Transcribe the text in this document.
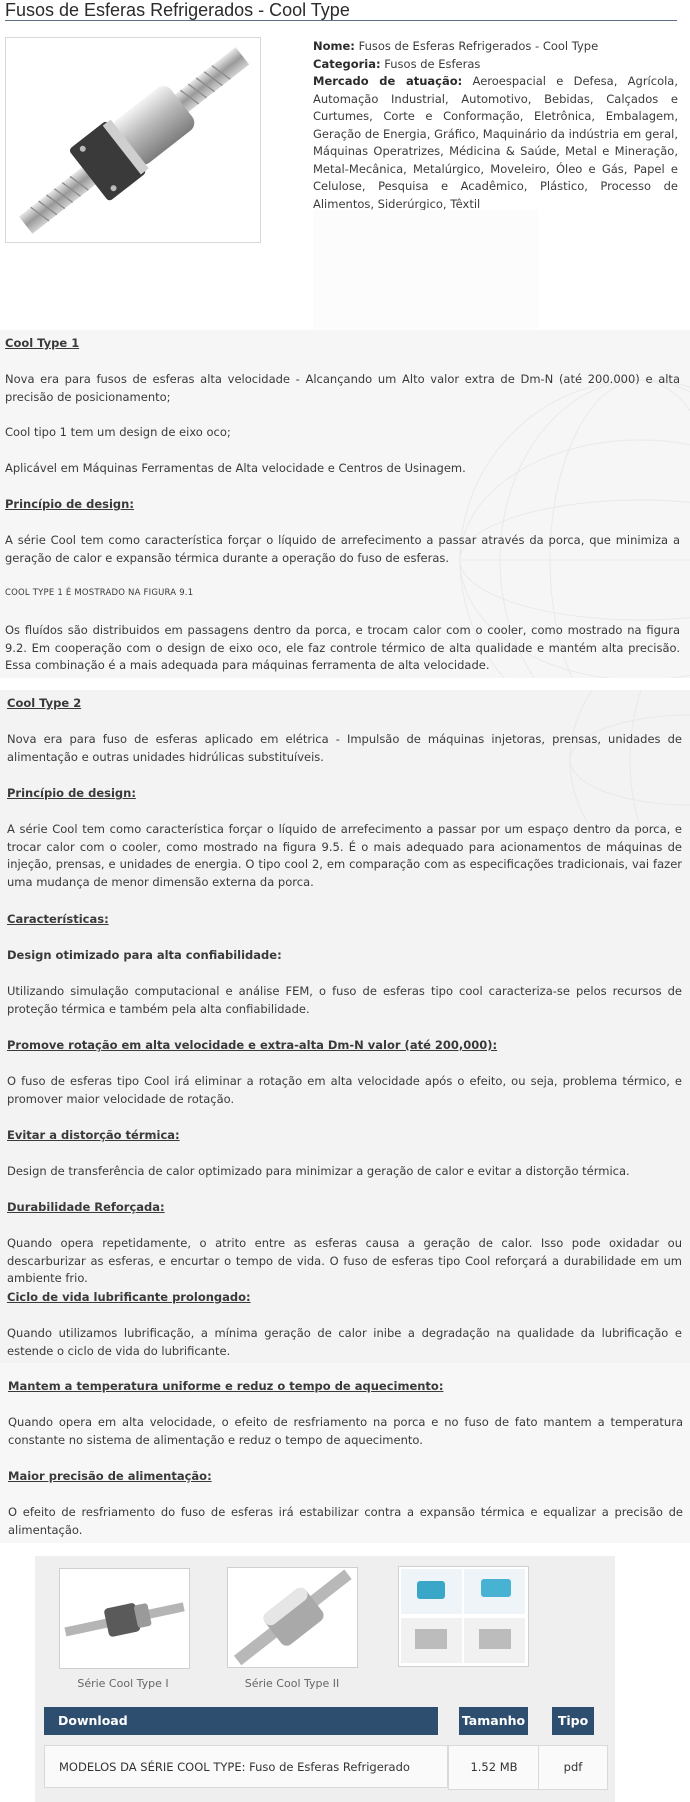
Fusos de Esferas Refrigerados - Cool Type
Nome: Fusos de Esferas Refrigerados - Cool Type
Categoria: Fusos de Esferas
Mercado de atuação: Aeroespacial e Defesa, Agrícola, Automação Industrial, Automotivo, Bebidas, Calçados e Curtumes, Corte e Conformação, Eletrônica, Embalagem, Geração de Energia, Gráfico, Maquinário da indústria em geral, Máquinas Operatrizes, Médicina & Saúde, Metal e Mineração, Metal-Mecânica, Metalúrgico, Moveleiro, Óleo e Gás, Papel e Celulose, Pesquisa e Acadêmico, Plástico, Processo de Alimentos, Siderúrgico, Têxtil
Cool Type 1
Nova era para fusos de esferas alta velocidade - Alcançando um Alto valor extra de Dm-N (até 200.000) e alta precisão de posicionamento;
Cool tipo 1 tem um design de eixo oco;
Aplicável em Máquinas Ferramentas de Alta velocidade e Centros de Usinagem.
Princípio de design:
A série Cool tem como característica forçar o líquido de arrefecimento a passar através da porca, que minimiza a geração de calor e expansão térmica durante a operação do fuso de esferas.
COOL TYPE 1 É MOSTRADO NA FIGURA 9.1
Os fluídos são distribuidos em passagens dentro da porca, e trocam calor com o cooler, como mostrado na figura 9.2. Em cooperação com o design de eixo oco, ele faz controle térmico de alta qualidade e mantém alta precisão. Essa combinação é a mais adequada para máquinas ferramenta de alta velocidade.
Cool Type 2
Nova era para fuso de esferas aplicado em elétrica - Impulsão de máquinas injetoras, prensas, unidades de alimentação e outras unidades hidrúlicas substituíveis.
Princípio de design:
A série Cool tem como característica forçar o líquido de arrefecimento a passar por um espaço dentro da porca, e trocar calor com o cooler, como mostrado na figura 9.5. É o mais adequado para acionamentos de máquinas de injeção, prensas, e unidades de energia. O tipo cool 2, em comparação com as especificações tradicionais, vai fazer uma mudança de menor dimensão externa da porca.
Características:
Design otimizado para alta confiabilidade:
Utilizando simulação computacional e análise FEM, o fuso de esferas tipo cool caracteriza-se pelos recursos de proteção térmica e também pela alta confiabilidade.
Promove rotação em alta velocidade e extra-alta Dm-N valor (até 200,000):
O fuso de esferas tipo Cool irá eliminar a rotação em alta velocidade após o efeito, ou seja, problema térmico, e promover maior velocidade de rotação.
Evitar a distorção térmica:
Design de transferência de calor optimizado para minimizar a geração de calor e evitar a distorção térmica.
Durabilidade Reforçada:
Quando opera repetidamente, o atrito entre as esferas causa a geração de calor. Isso pode oxidadar ou descarburizar as esferas, e encurtar o tempo de vida. O fuso de esferas tipo Cool reforçará a durabilidade em um ambiente frio.
Ciclo de vida lubrificante prolongado:
Quando utilizamos lubrificação, a mínima geração de calor inibe a degradação na qualidade da lubrificação e estende o ciclo de vida do lubrificante.
Mantem a temperatura uniforme e reduz o tempo de aquecimento:
Quando opera em alta velocidade, o efeito de resfriamento na porca e no fuso de fato mantem a temperatura constante no sistema de alimentação e reduz o tempo de aquecimento.
Maior precisão de alimentação:
O efeito de resfriamento do fuso de esferas irá estabilizar contra a expansão térmica e equalizar a precisão de alimentação.
Série Cool Type I	Série Cool Type II
Download	Tamanho	Tipo
MODELOS DA SÉRIE COOL TYPE: Fuso de Esferas Refrigerado	1.52 MB	pdf
